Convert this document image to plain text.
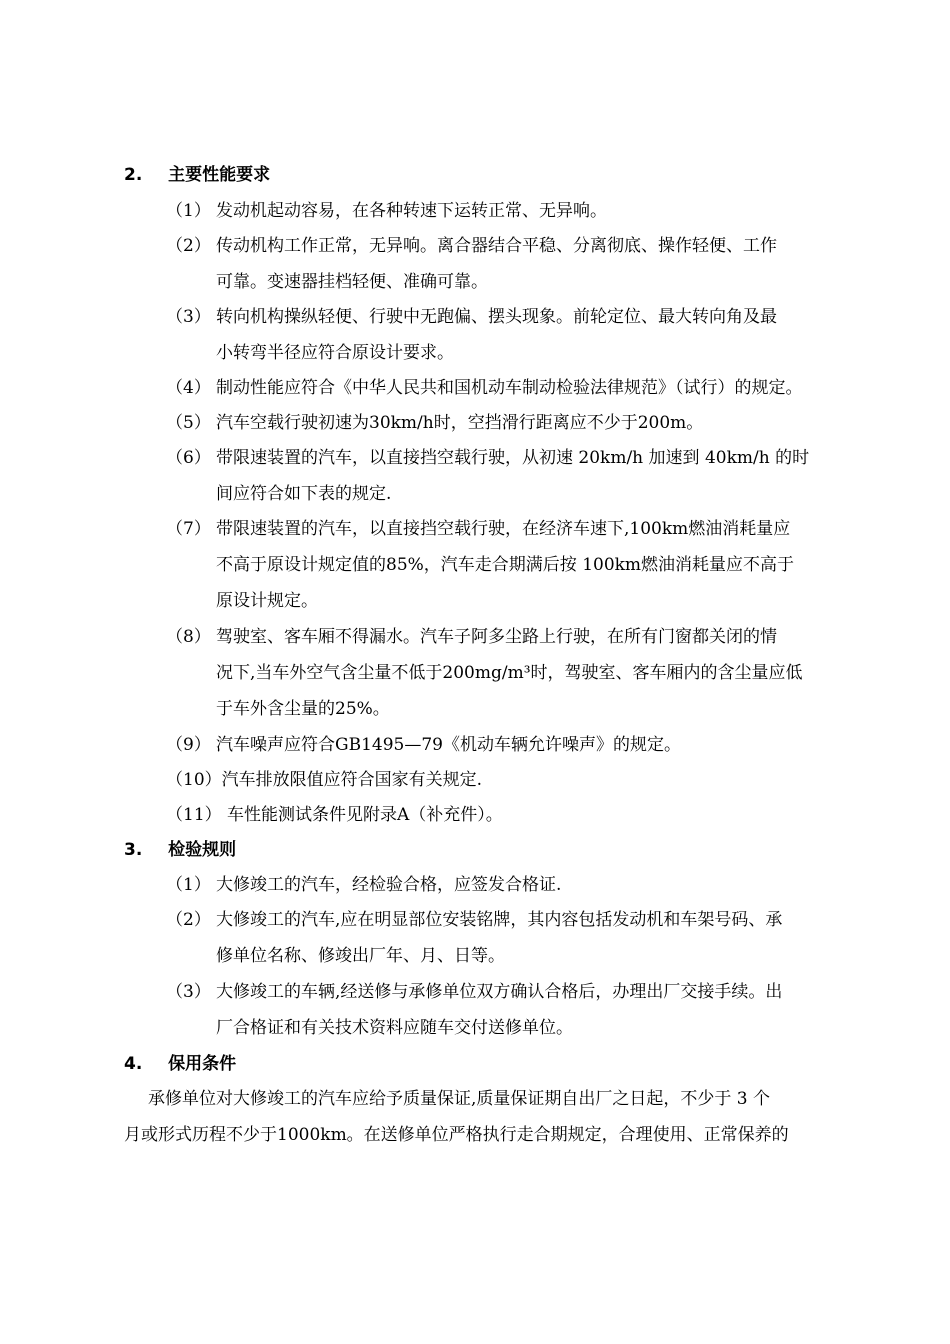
2. 主要性能要求
（1） 发动机起动容易，在各种转速下运转正常、无异响。
（2） 传动机构工作正常，无异响。离合器结合平稳、分离彻底、操作轻便、工作
可靠。变速器挂档轻便、准确可靠。
（3） 转向机构操纵轻便、行驶中无跑偏、摆头现象。前轮定位、最大转向角及最
小转弯半径应符合原设计要求。
（4） 制动性能应符合《中华人民共和国机动车制动检验法律规范》（试行）的规定。
（5） 汽车空载行驶初速为30km/h时，空挡滑行距离应不少于200m。
（6） 带限速装置的汽车，以直接挡空载行驶，从初速 20km/h 加速到 40km/h 的时
间应符合如下表的规定.
（7） 带限速装置的汽车，以直接挡空载行驶，在经济车速下,100km燃油消耗量应
不高于原设计规定值的85%，汽车走合期满后按 100km燃油消耗量应不高于
原设计规定。
（8） 驾驶室、客车厢不得漏水。汽车子阿多尘路上行驶，在所有门窗都关闭的情
况下,当车外空气含尘量不低于200mg/m³时，驾驶室、客车厢内的含尘量应低
于车外含尘量的25%。
（9） 汽车噪声应符合GB1495—79《机动车辆允许噪声》的规定。
（10）汽车排放限值应符合国家有关规定.
（11） 车性能测试条件见附录A（补充件）。
3. 检验规则
（1） 大修竣工的汽车，经检验合格，应签发合格证.
（2） 大修竣工的汽车,应在明显部位安装铭牌，其内容包括发动机和车架号码、承
修单位名称、修竣出厂年、月、日等。
（3） 大修竣工的车辆,经送修与承修单位双方确认合格后，办理出厂交接手续。出
厂合格证和有关技术资料应随车交付送修单位。
4. 保用条件
承修单位对大修竣工的汽车应给予质量保证,质量保证期自出厂之日起，不少于 3 个
月或形式历程不少于1000km。在送修单位严格执行走合期规定，合理使用、正常保养的
